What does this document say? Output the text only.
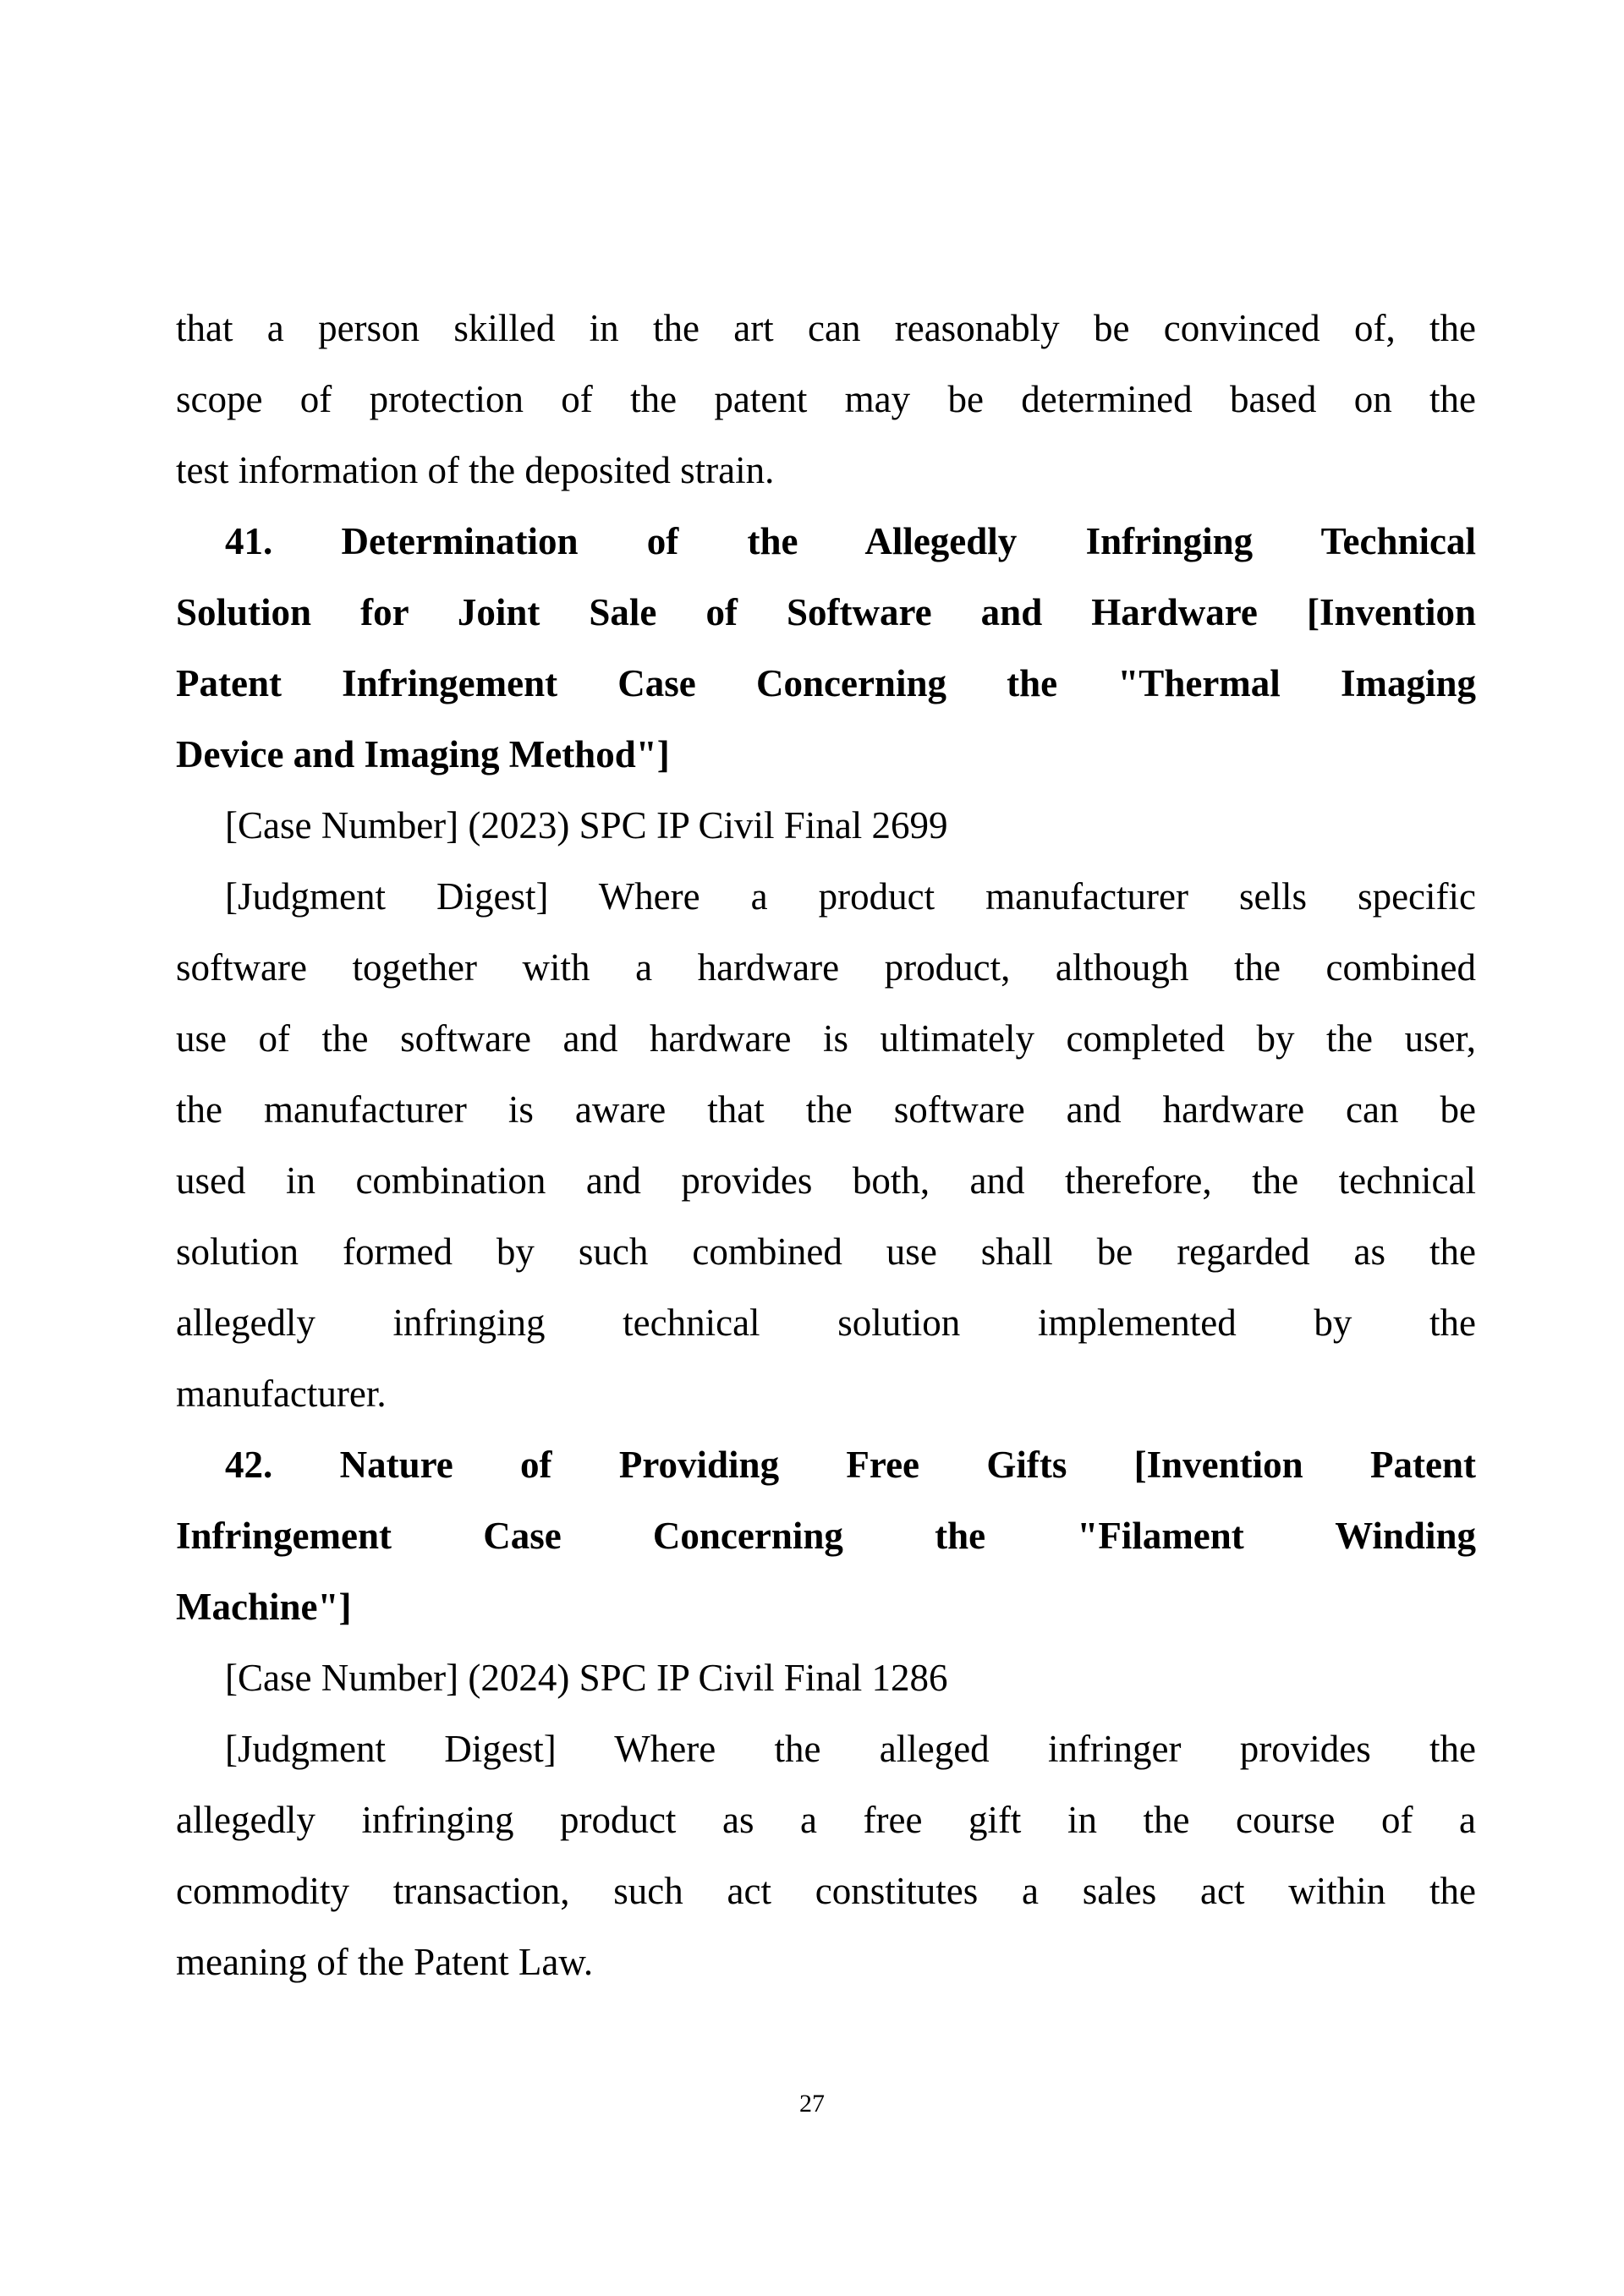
that a person skilled in the art can reasonably be convinced of, the
scope of protection of the patent may be determined based on the
test information of the deposited strain.
41. Determination of the Allegedly Infringing Technical
Solution for Joint Sale of Software and Hardware [Invention
Patent Infringement Case Concerning the "Thermal Imaging
Device and Imaging Method"]
[Case Number] (2023) SPC IP Civil Final 2699
[Judgment Digest] Where a product manufacturer sells specific
software together with a hardware product, although the combined
use of the software and hardware is ultimately completed by the user,
the manufacturer is aware that the software and hardware can be
used in combination and provides both, and therefore, the technical
solution formed by such combined use shall be regarded as the
allegedly infringing technical solution implemented by the
manufacturer.
42. Nature of Providing Free Gifts [Invention Patent
Infringement Case Concerning the "Filament Winding
Machine"]
[Case Number] (2024) SPC IP Civil Final 1286
[Judgment Digest] Where the alleged infringer provides the
allegedly infringing product as a free gift in the course of a
commodity transaction, such act constitutes a sales act within the
meaning of the Patent Law.
27
